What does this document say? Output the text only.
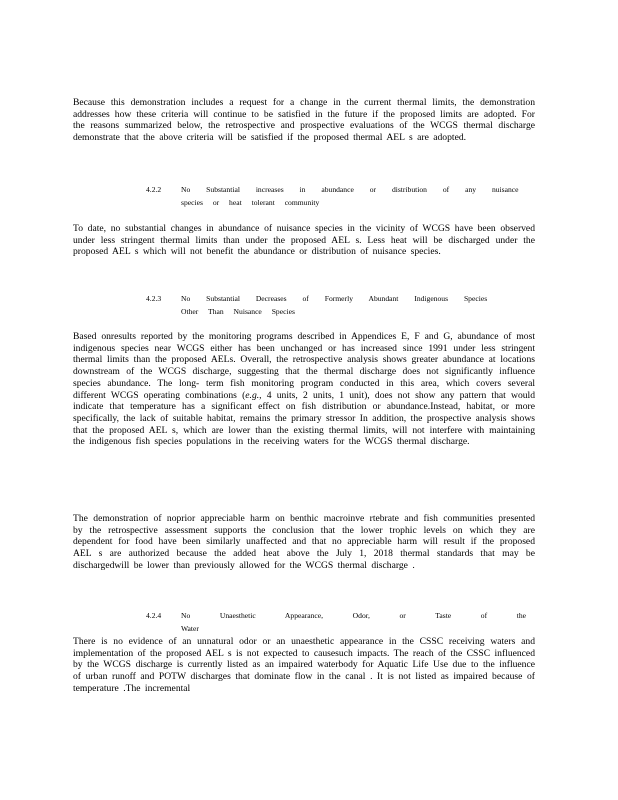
Because this demonstration includes a request for a change in the current thermal limits, the demonstration addresses how these criteria will continue to be satisfied in the future if the proposed limits are adopted. For the reasons summarized below, the retrospective and prospective evaluations of the WCGS thermal discharge demonstrate that the above criteria will be satisfied if the proposed thermal AEL s are adopted.
4.2.2	No Substantial increases in abundance or distribution of any nuisance
species or heat tolerant community
To date, no substantial changes in abundance of nuisance species in the vicinity of WCGS have been observed under less stringent thermal limits than under the proposed AEL s. Less heat will be discharged under the proposed AEL s which will not benefit the abundance or distribution of nuisance species.
4.2.3	No Substantial Decreases of Formerly Abundant Indigenous Species
Other Than Nuisance Species
Based onresults reported by the monitoring programs described in Appendices E, F and G, abundance of most indigenous species near WCGS either has been unchanged or has increased since 1991 under less stringent thermal limits than the proposed AELs. Overall, the retrospective analysis shows greater abundance at locations downstream of the WCGS discharge, suggesting that the thermal discharge does not significantly influence species abundance. The long- term fish monitoring program conducted in this area, which covers several different WCGS operating combinations (e.g., 4 units, 2 units, 1 unit), does not show any pattern that would indicate that temperature has a significant effect on fish distribution or abundance.Instead, habitat, or more specifically, the lack of suitable habitat, remains the primary stressor In addition, the prospective analysis shows that the proposed AEL s, which are lower than the existing thermal limits, will not interfere with maintaining the indigenous fish species populations in the receiving waters for the WCGS thermal discharge.
The demonstration of noprior appreciable harm on benthic macroinve rtebrate and fish communities presented by the retrospective assessment supports the conclusion that the lower trophic levels on which they are dependent for food have been similarly unaffected and that no appreciable harm will result if the proposed AEL s are authorized because the added heat above the July 1, 2018 thermal standards that may be dischargedwill be lower than previously allowed for the WCGS thermal discharge .
4.2.4	No Unaesthetic Appearance, Odor, or Taste of the Water
There is no evidence of an unnatural odor or an unaesthetic appearance in the CSSC receiving waters and implementation of the proposed AEL s is not expected to causesuch impacts. The reach of the CSSC influenced by the WCGS discharge is currently listed as an impaired waterbody for Aquatic Life Use due to the influence of urban runoff and POTW discharges that dominate flow in the canal . It is not listed as impaired because of temperature .The incremental
